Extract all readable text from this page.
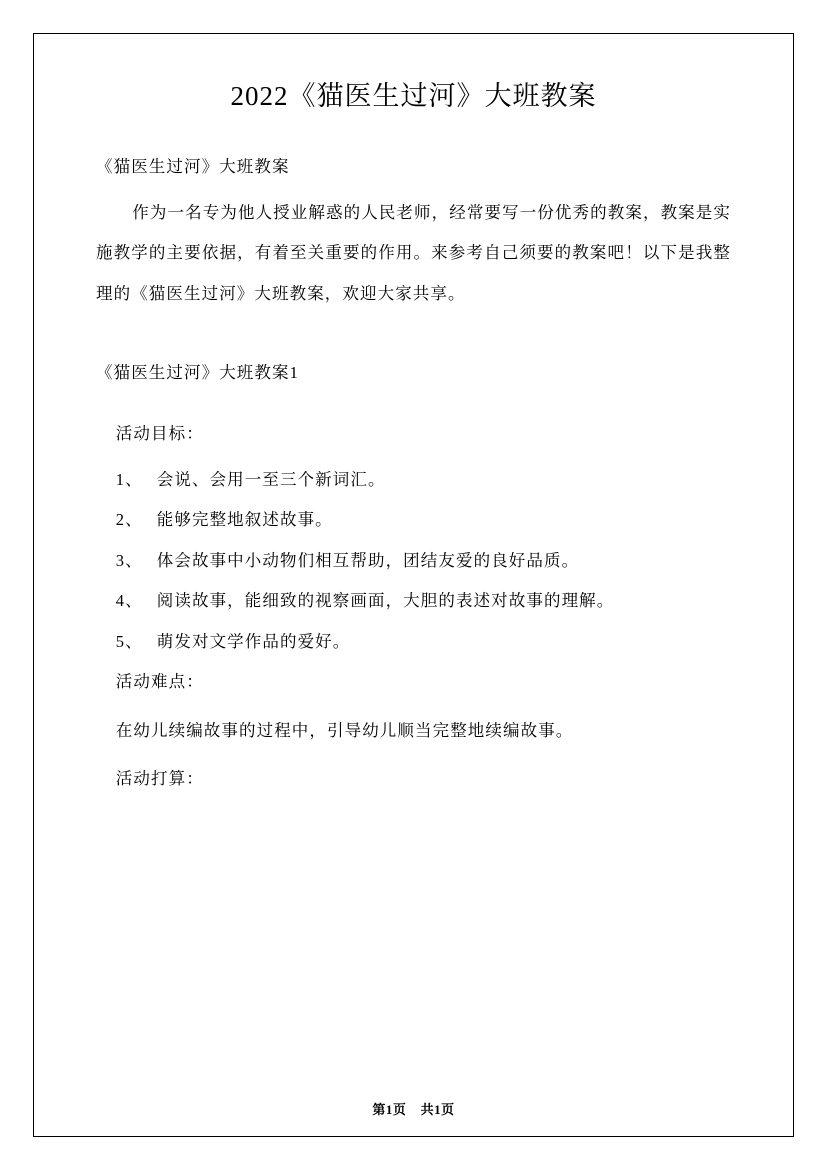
2022《猫医生过河》大班教案

《猫医生过河》大班教案

作为一名专为他人授业解惑的人民老师，经常要写一份优秀的教案，教案是实施教学的主要依据，有着至关重要的作用。来参考自己须要的教案吧！以下是我整理的《猫医生过河》大班教案，欢迎大家共享。

《猫医生过河》大班教案1

活动目标：

1、 会说、会用一至三个新词汇。

2、 能够完整地叙述故事。

3、 体会故事中小动物们相互帮助，团结友爱的良好品质。

4、 阅读故事，能细致的视察画面，大胆的表述对故事的理解。

5、 萌发对文学作品的爱好。

活动难点：

在幼儿续编故事的过程中，引导幼儿顺当完整地续编故事。

活动打算：

第1页 共1页
